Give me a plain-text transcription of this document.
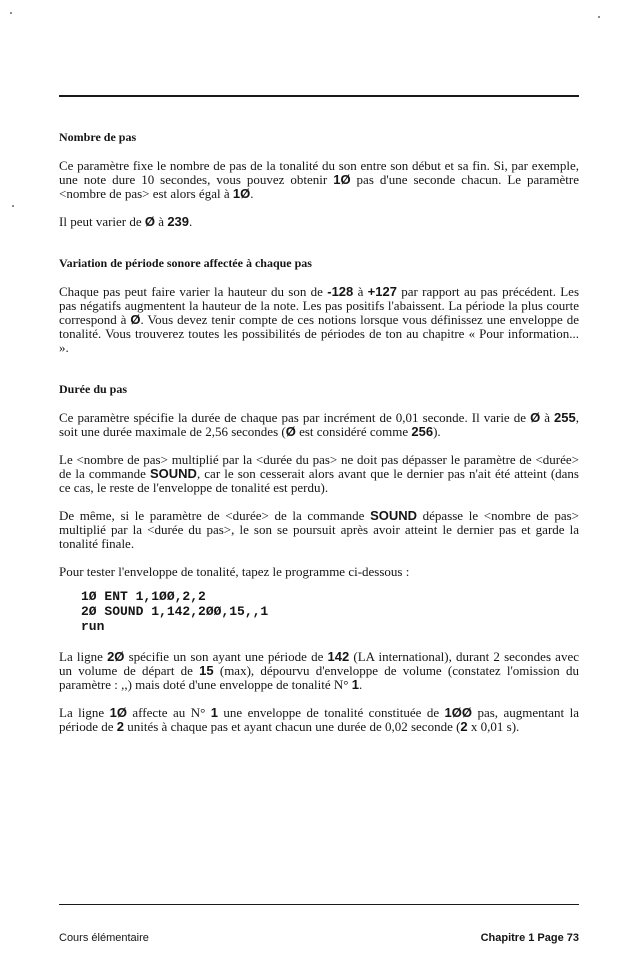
Nombre de pas
Ce paramètre fixe le nombre de pas de la tonalité du son entre son début et sa fin. Si, par exemple, une note dure 10 secondes, vous pouvez obtenir 1Ø pas d'une seconde chacun. Le paramètre <nombre de pas> est alors égal à 1Ø.
Il peut varier de Ø à 239.
Variation de période sonore affectée à chaque pas
Chaque pas peut faire varier la hauteur du son de -128 à +127 par rapport au pas précédent. Les pas négatifs augmentent la hauteur de la note. Les pas positifs l'abaissent. La période la plus courte correspond à Ø. Vous devez tenir compte de ces notions lorsque vous définissez une enveloppe de tonalité. Vous trouverez toutes les possibilités de périodes de ton au chapitre « Pour information... ».
Durée du pas
Ce paramètre spécifie la durée de chaque pas par incrément de 0,01 seconde. Il varie de Ø à 255, soit une durée maximale de 2,56 secondes (Ø est considéré comme 256).
Le <nombre de pas> multiplié par la <durée du pas> ne doit pas dépasser le paramètre de <durée> de la commande SOUND, car le son cesserait alors avant que le dernier pas n'ait été atteint (dans ce cas, le reste de l'enveloppe de tonalité est perdu).
De même, si le paramètre de <durée> de la commande SOUND dépasse le <nombre de pas> multiplié par la <durée du pas>, le son se poursuit après avoir atteint le dernier pas et garde la tonalité finale.
Pour tester l'enveloppe de tonalité, tapez le programme ci-dessous :
1Ø ENT 1,1ØØ,2,2
2Ø SOUND 1,142,2ØØ,15,,1
run
La ligne 2Ø spécifie un son ayant une période de 142 (LA international), durant 2 secondes avec un volume de départ de 15 (max), dépourvu d'enveloppe de volume (constatez l'omission du paramètre : ,,) mais doté d'une enveloppe de tonalité N° 1.
La ligne 1Ø affecte au N° 1 une enveloppe de tonalité constituée de 1ØØ pas, augmentant la période de 2 unités à chaque pas et ayant chacun une durée de 0,02 seconde (2 x 0,01 s).
Cours élémentaire	Chapitre 1 Page 73
